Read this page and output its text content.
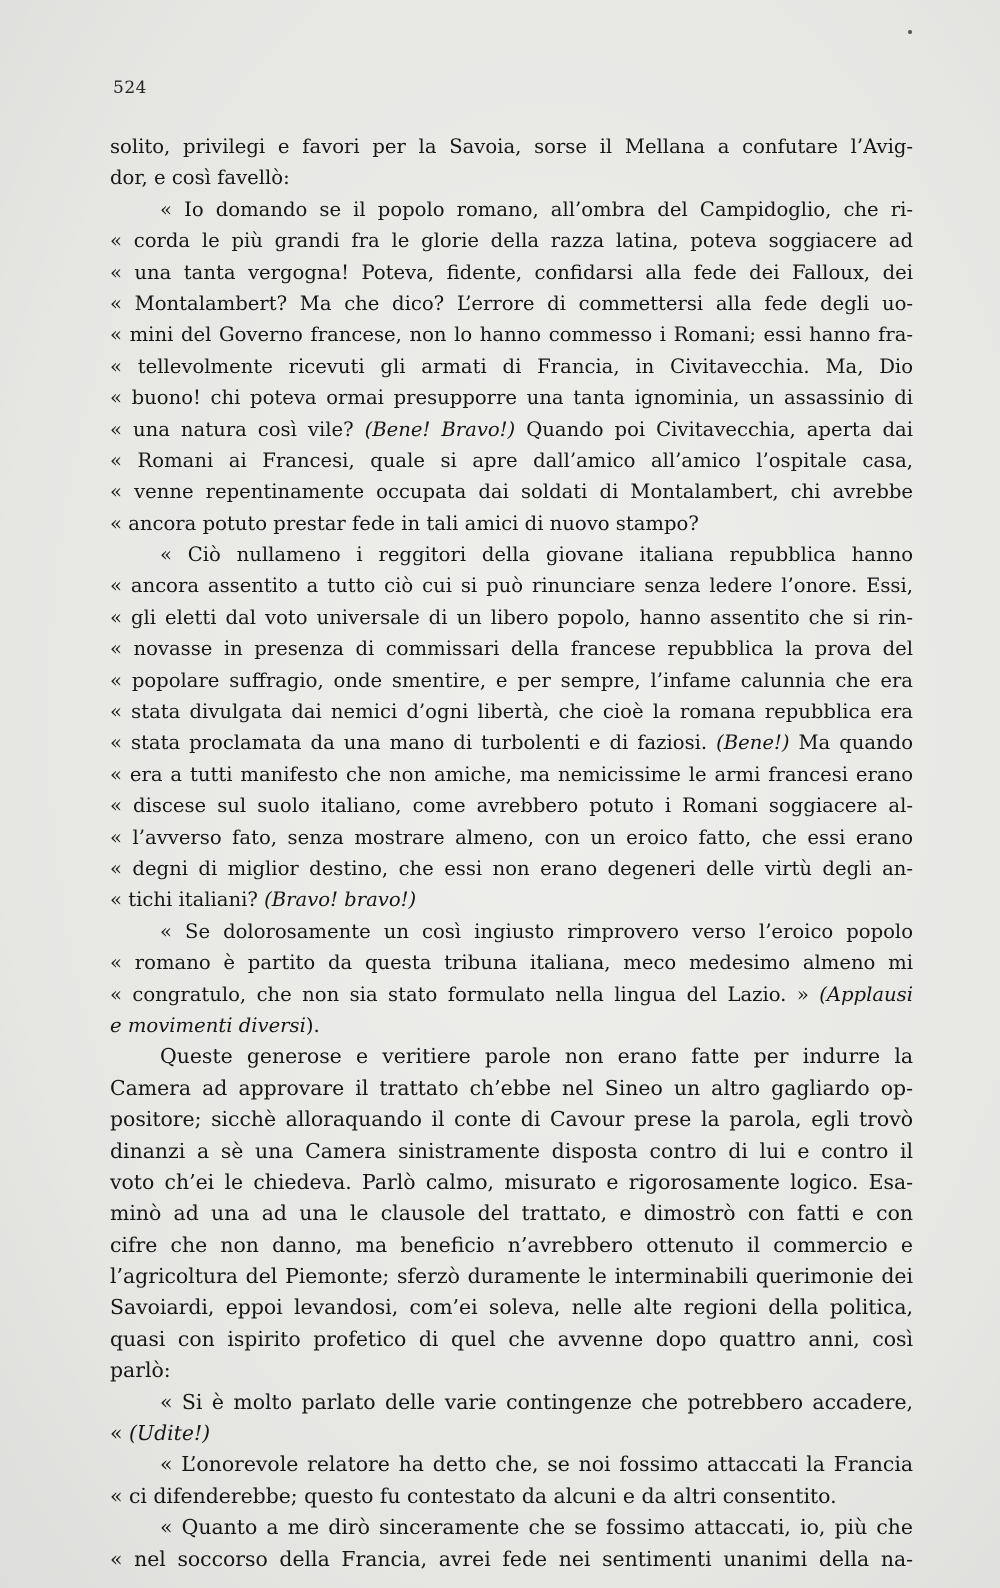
524
solito, privilegi e favori per la Savoia, sorse il Mellana a confutare l’Avig-
dor, e così favellò:
« Io domando se il popolo romano, all’ombra del Campidoglio, che ri-
« corda le più grandi fra le glorie della razza latina, poteva soggiacere ad
« una tanta vergogna! Poteva, fidente, confidarsi alla fede dei Falloux, dei
« Montalambert? Ma che dico? L’errore di commettersi alla fede degli uo-
« mini del Governo francese, non lo hanno commesso i Romani; essi hanno fra-
« tellevolmente ricevuti gli armati di Francia, in Civitavecchia. Ma, Dio
« buono! chi poteva ormai presupporre una tanta ignominia, un assassinio di
« una natura così vile? (Bene! Bravo!) Quando poi Civitavecchia, aperta dai
« Romani ai Francesi, quale si apre dall’amico all’amico l’ospitale casa,
« venne repentinamente occupata dai soldati di Montalambert, chi avrebbe
« ancora potuto prestar fede in tali amici di nuovo stampo?
« Ciò nullameno i reggitori della giovane italiana repubblica hanno
« ancora assentito a tutto ciò cui si può rinunciare senza ledere l’onore. Essi,
« gli eletti dal voto universale di un libero popolo, hanno assentito che si rin-
« novasse in presenza di commissari della francese repubblica la prova del
« popolare suffragio, onde smentire, e per sempre, l’infame calunnia che era
« stata divulgata dai nemici d’ogni libertà, che cioè la romana repubblica era
« stata proclamata da una mano di turbolenti e di faziosi. (Bene!) Ma quando
« era a tutti manifesto che non amiche, ma nemicissime le armi francesi erano
« discese sul suolo italiano, come avrebbero potuto i Romani soggiacere al-
« l’avverso fato, senza mostrare almeno, con un eroico fatto, che essi erano
« degni di miglior destino, che essi non erano degeneri delle virtù degli an-
« tichi italiani? (Bravo! bravo!)
« Se dolorosamente un così ingiusto rimprovero verso l’eroico popolo
« romano è partito da questa tribuna italiana, meco medesimo almeno mi
« congratulo, che non sia stato formulato nella lingua del Lazio. » (Applausi
e movimenti diversi).
Queste generose e veritiere parole non erano fatte per indurre la
Camera ad approvare il trattato ch’ebbe nel Sineo un altro gagliardo op-
positore; sicchè alloraquando il conte di Cavour prese la parola, egli trovò
dinanzi a sè una Camera sinistramente disposta contro di lui e contro il
voto ch’ei le chiedeva. Parlò calmo, misurato e rigorosamente logico. Esa-
minò ad una ad una le clausole del trattato, e dimostrò con fatti e con
cifre che non danno, ma beneficio n’avrebbero ottenuto il commercio e
l’agricoltura del Piemonte; sferzò duramente le interminabili querimonie dei
Savoiardi, eppoi levandosi, com’ei soleva, nelle alte regioni della politica,
quasi con ispirito profetico di quel che avvenne dopo quattro anni, così
parlò:
« Si è molto parlato delle varie contingenze che potrebbero accadere,
« (Udite!)
« L’onorevole relatore ha detto che, se noi fossimo attaccati la Francia
« ci difenderebbe; questo fu contestato da alcuni e da altri consentito.
« Quanto a me dirò sinceramente che se fossimo attaccati, io, più che
« nel soccorso della Francia, avrei fede nei sentimenti unanimi della na-
